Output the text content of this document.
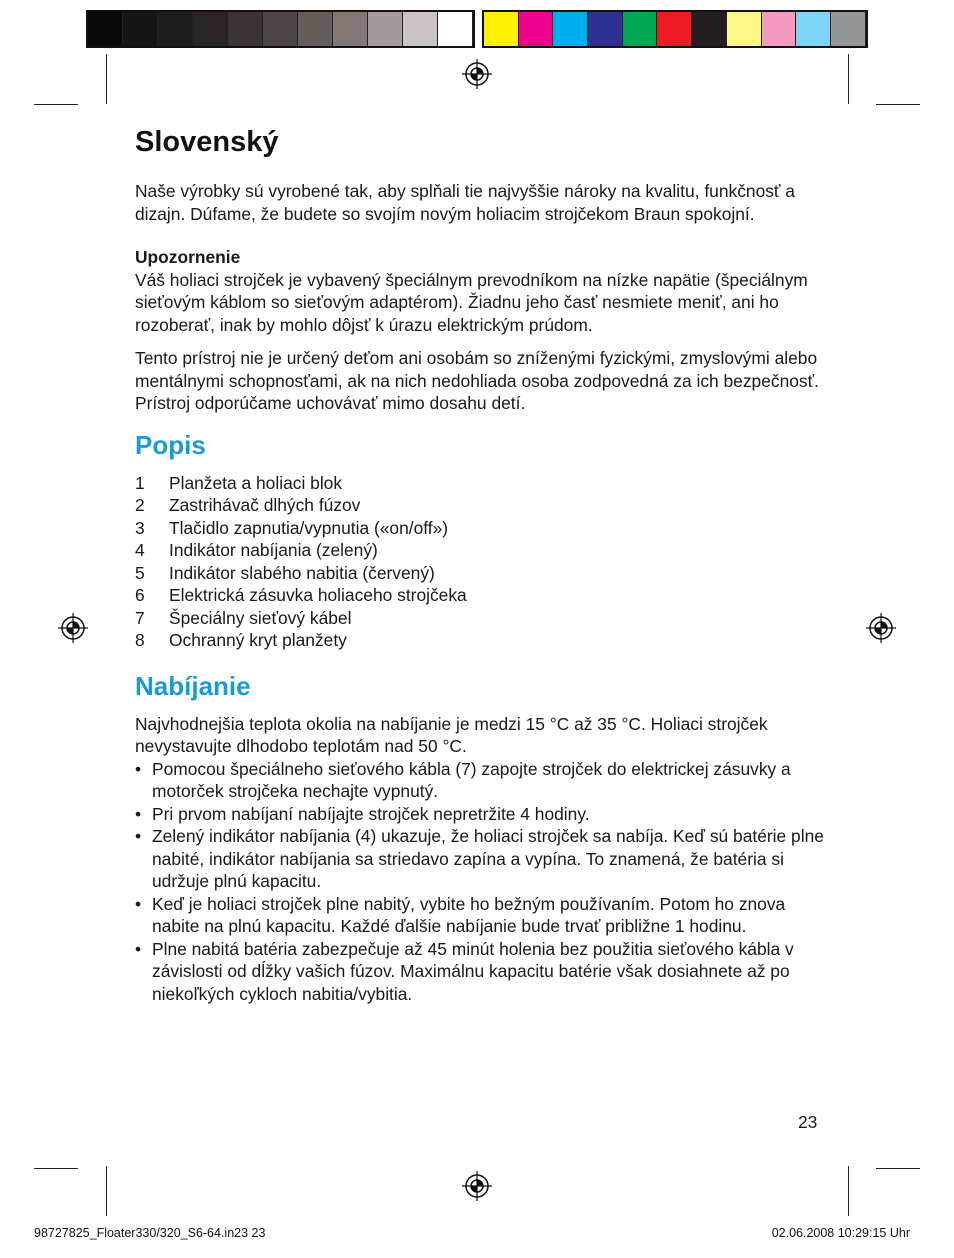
Slovenský

Naše výrobky sú vyrobené tak, aby splňali tie najvyššie nároky na kvalitu, funkčnosť a dizajn. Dúfame, že budete so svojím novým holiacim strojčekom Braun spokojní.

Upozornenie

Váš holiaci strojček je vybavený špeciálnym prevodníkom na nízke napätie (špeciálnym sieťovým káblom so sieťovým adaptérom). Žiadnu jeho časť nesmiete meniť, ani ho rozoberať, inak by mohlo dôjsť k úrazu elektrickým prúdom.

Tento prístroj nie je určený deťom ani osobám so zníženými fyzickými, zmyslovými alebo mentálnymi schopnosťami, ak na nich nedohliada osoba zodpovedná za ich bezpečnosť. Prístroj odporúčame uchovávať mimo dosahu detí.

Popis
1	Planžeta a holiaci blok
2	Zastrihávač dlhých fúzov
3	Tlačidlo zapnutia/vypnutia («on/off»)
4	Indikátor nabíjania (zelený)
5	Indikátor slabého nabitia (červený)
6	Elektrická zásuvka holiaceho strojčeka
7	Špeciálny sieťový kábel
8	Ochranný kryt planžety
Nabíjanie

Najvhodnejšia teplota okolia na nabíjanie je medzi 15 °C až 35 °C. Holiaci strojček nevystavujte dlhodobo teplotám nad 50 °C.

• Pomocou špeciálneho sieťového kábla (7) zapojte strojček do elektrickej zásuvky a motorček strojčeka nechajte vypnutý.
• Pri prvom nabíjaní nabíjajte strojček nepretržite 4 hodiny.
• Zelený indikátor nabíjania (4) ukazuje, že holiaci strojček sa nabíja. Keď sú batérie plne nabité, indikátor nabíjania sa striedavo zapína a vypína. To znamená, že batéria si udržuje plnú kapacitu.
• Keď je holiaci strojček plne nabitý, vybite ho bežným používaním. Potom ho znova nabite na plnú kapacitu. Každé ďalšie nabíjanie bude trvať približne 1 hodinu.
• Plne nabitá batéria zabezpečuje až 45 minút holenia bez použitia sieťového kábla v závislosti od dĺžky vašich fúzov. Maximálnu kapacitu batérie však dosiahnete až po niekoľkých cykloch nabitia/vybitia.
23
98727825_Floater330/320_S6-64.in23 23	02.06.2008 10:29:15 Uhr
